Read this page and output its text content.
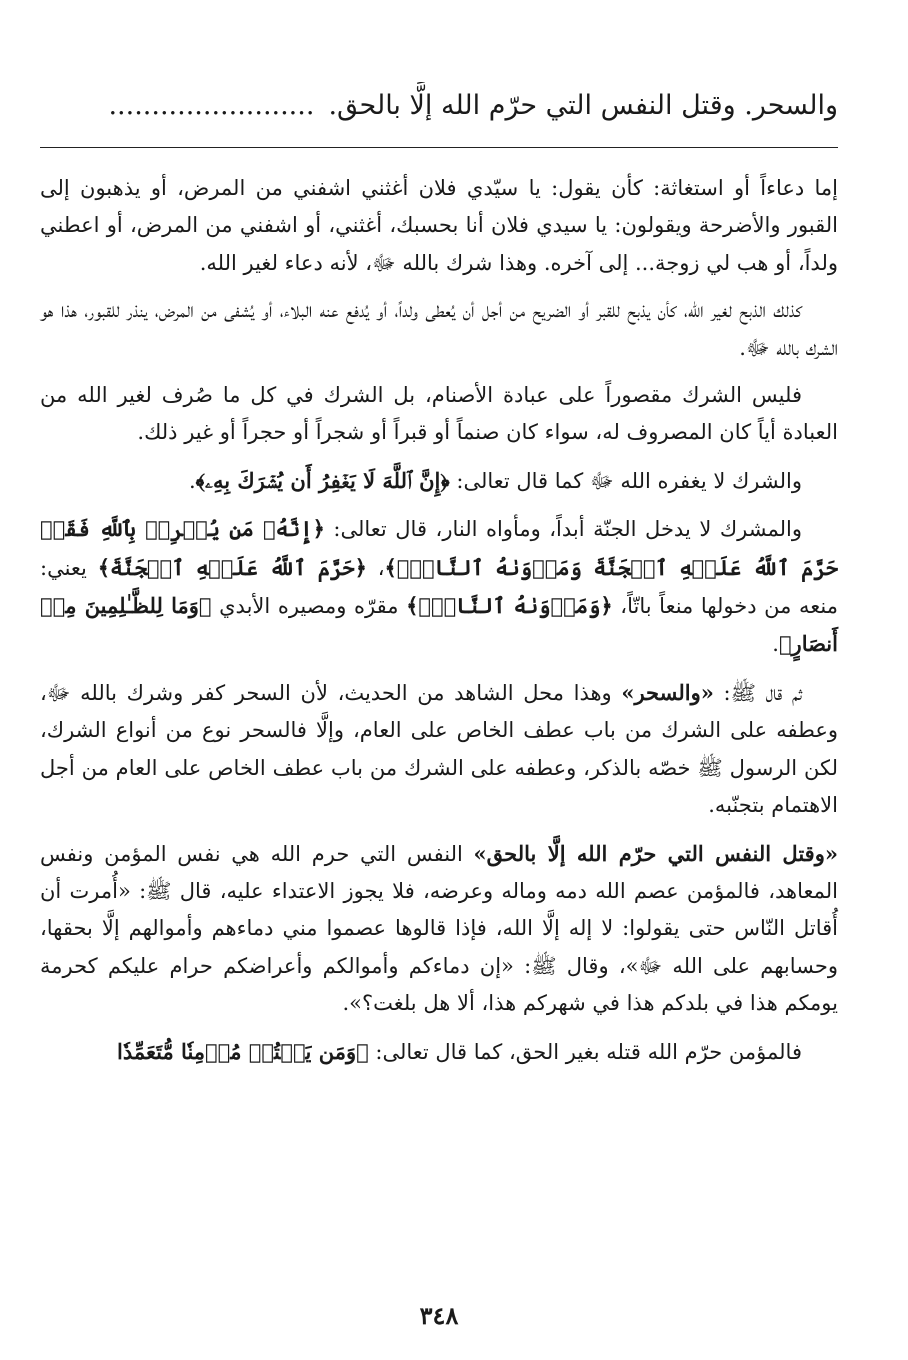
والسحر. وقتل النفس التي حرّم الله إلَّا بالحق.........................

إما دعاءاً أو استغاثة: كأن يقول: يا سيّدي فلان أغثني اشفني من المرض، أو يذهبون إلى القبور والأضرحة ويقولون: يا سيدي فلان أنا بحسبك، أغثني، أو اشفني من المرض، أو اعطني ولداً، أو هب لي زوجة... إلى آخره. وهذا شرك بالله ﷻ، لأنه دعاء لغير الله.

كذلك الذبح لغير الله، كأن يذبح للقبر أو الضريح من أجل أن يُعطى ولداً، أو يُدفع عنه البلاء، أو يُشفى من المرض، ينذر للقبور، هذا هو الشرك بالله ﷻ.

فليس الشرك مقصوراً على عبادة الأصنام، بل الشرك في كل ما صُرف لغير الله من العبادة أياً كان المصروف له، سواء كان صنماً أو قبراً أو شجراً أو حجراً أو غير ذلك.

والشرك لا يغفره الله ﷻ كما قال تعالى: ﴿إِنَّ ٱللَّهَ لَا يَغۡفِرُ أَن يُشۡرَكَ بِهِۦ﴾.

والمشرك لا يدخل الجنّة أبداً، ومأواه النار، قال تعالى: ﴿إِنَّهُۥ مَن يُشۡرِكۡ بِٱللَّهِ فَقَدۡ حَرَّمَ ٱللَّهُ عَلَيۡهِ ٱلۡجَنَّةَ وَمَأۡوَىٰهُ ٱلنَّارُۖ﴾، ﴿حَرَّمَ ٱللَّهُ عَلَيۡهِ ٱلۡجَنَّةَ﴾ يعني: منعه من دخولها منعاً باتّاً، ﴿وَمَأۡوَىٰهُ ٱلنَّارُۖ﴾ مقرّه ومصيره الأبدي ﴿وَمَا لِلظَّـٰلِمِينَ مِنۡ أَنصَارٍ﴾.

ثم قال ﷺ: «والسحر» وهذا محل الشاهد من الحديث، لأن السحر كفر وشرك بالله ﷻ، وعطفه على الشرك من باب عطف الخاص على العام، وإلَّا فالسحر نوع من أنواع الشرك، لكن الرسول ﷺ خصّه بالذكر، وعطفه على الشرك من باب عطف الخاص على العام من أجل الاهتمام بتجنّبه.

«وقتل النفس التي حرّم الله إلَّا بالحق» النفس التي حرم الله هي نفس المؤمن ونفس المعاهد، فالمؤمن عصم الله دمه وماله وعرضه، فلا يجوز الاعتداء عليه، قال ﷺ: «أُمرت أن أُقاتل النّاس حتى يقولوا: لا إله إلَّا الله، فإذا قالوها عصموا مني دماءهم وأموالهم إلَّا بحقها، وحسابهم على الله ﷻ»، وقال ﷺ: «إن دماءكم وأموالكم وأعراضكم حرام عليكم كحرمة يومكم هذا في بلدكم هذا في شهركم هذا، ألا هل بلغت؟».

فالمؤمن حرّم الله قتله بغير الحق، كما قال تعالى: ﴿وَمَن يَقۡتُلۡ مُؤۡمِنٗا مُّتَعَمِّدٗا

٣٤٨
